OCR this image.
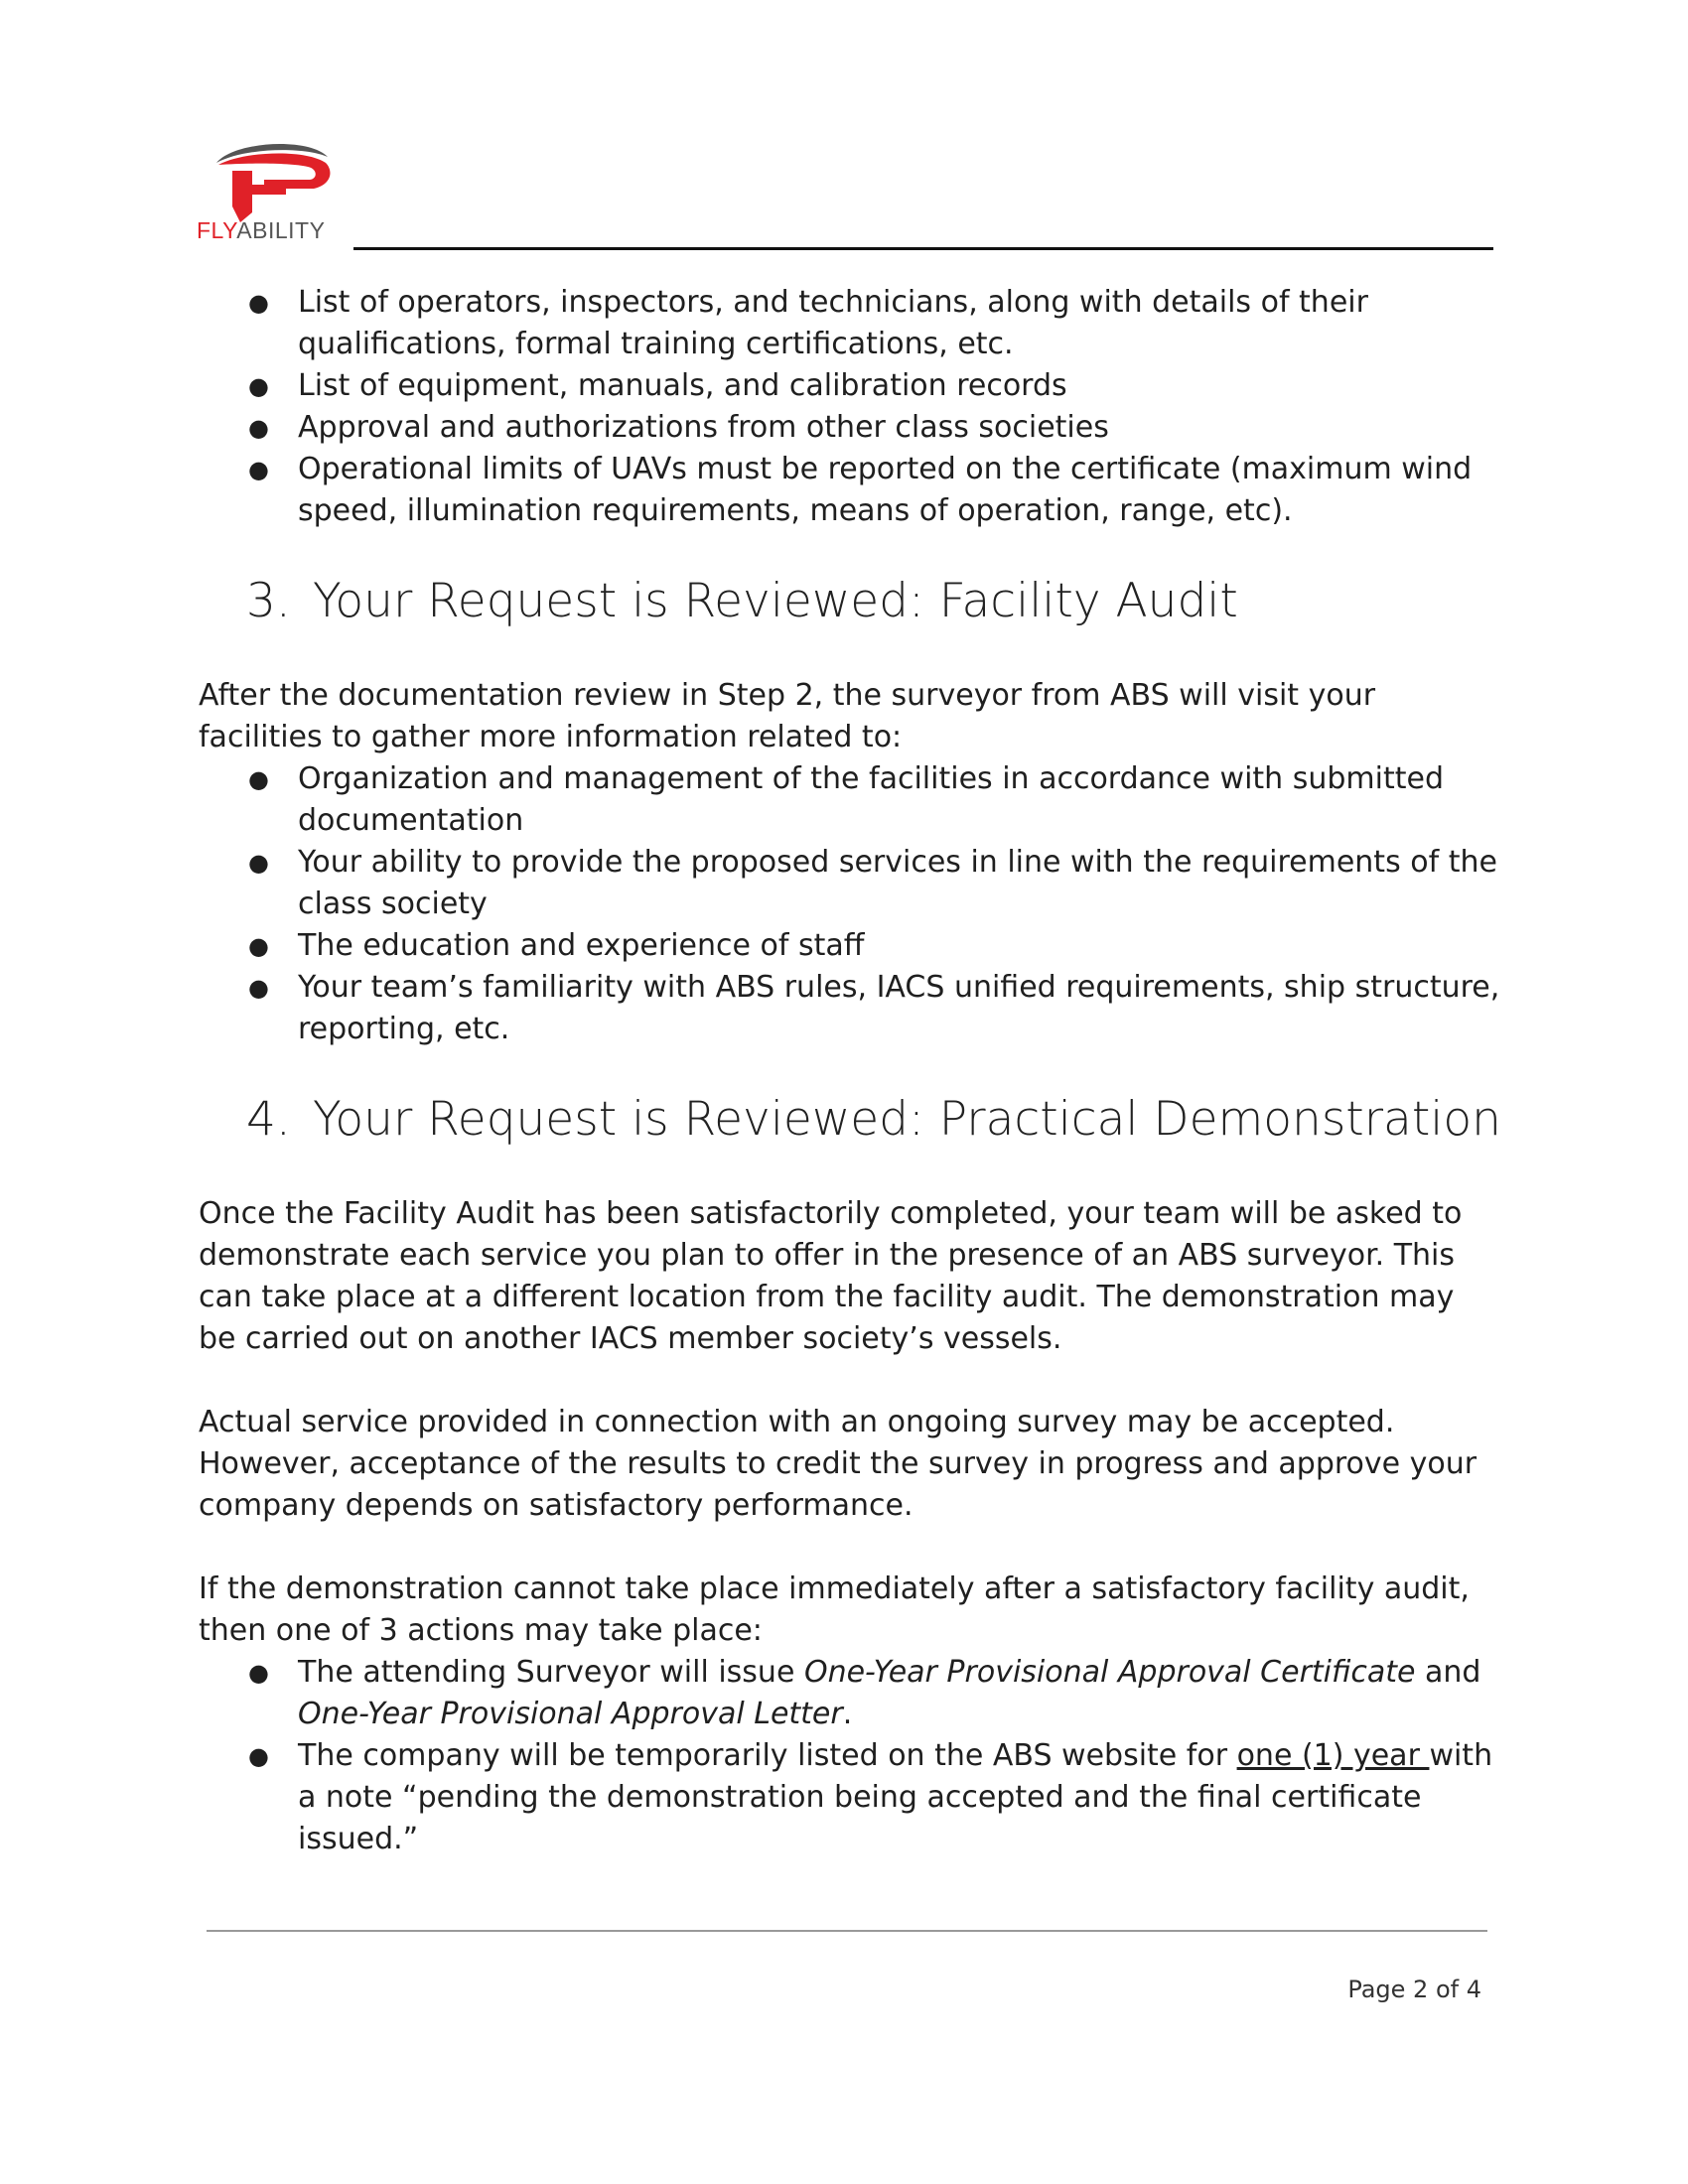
FLYABILITY
● List of operators, inspectors, and technicians, along with details of their qualifications, formal training certifications, etc.
● List of equipment, manuals, and calibration records
● Approval and authorizations from other class societies
● Operational limits of UAVs must be reported on the certificate (maximum wind speed, illumination requirements, means of operation, range, etc).
3. Your Request is Reviewed: Facility Audit

After the documentation review in Step 2, the surveyor from ABS will visit your facilities to gather more information related to:

● Organization and management of the facilities in accordance with submitted documentation
● Your ability to provide the proposed services in line with the requirements of the class society
● The education and experience of staff
● Your team’s familiarity with ABS rules, IACS unified requirements, ship structure, reporting, etc.
4. Your Request is Reviewed: Practical Demonstration

Once the Facility Audit has been satisfactorily completed, your team will be asked to demonstrate each service you plan to offer in the presence of an ABS surveyor. This can take place at a different location from the facility audit. The demonstration may be carried out on another IACS member society’s vessels.

Actual service provided in connection with an ongoing survey may be accepted. However, acceptance of the results to credit the survey in progress and approve your company depends on satisfactory performance.

If the demonstration cannot take place immediately after a satisfactory facility audit, then one of 3 actions may take place:

● The attending Surveyor will issue One-Year Provisional Approval Certificate and One-Year Provisional Approval Letter.
● The company will be temporarily listed on the ABS website for one (1) year with a note “pending the demonstration being accepted and the final certificate issued.”
Page 2 of 4
